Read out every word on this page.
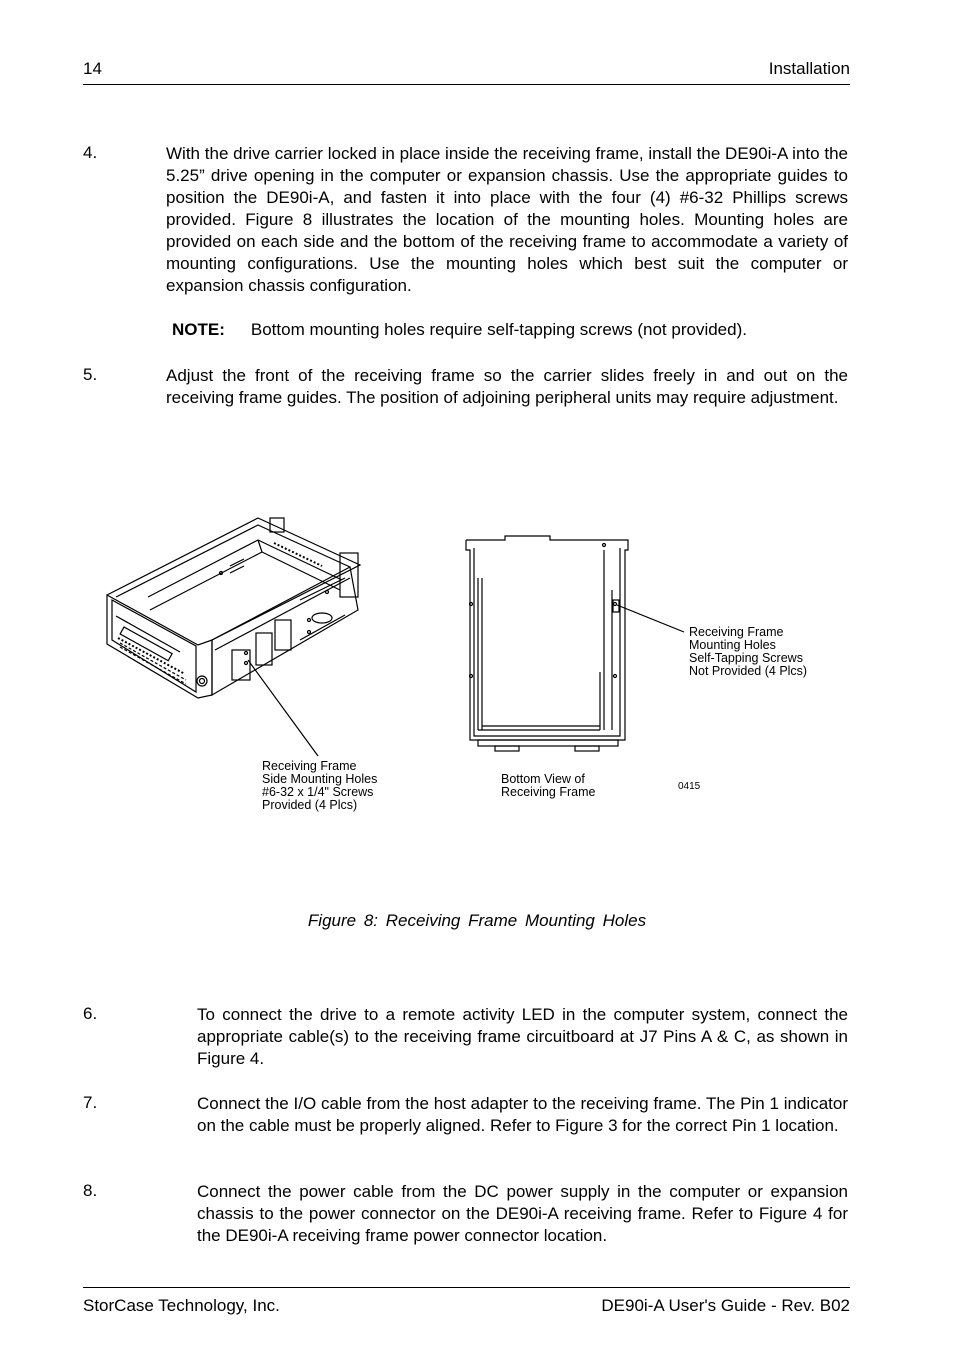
14	Installation
4.	With the drive carrier locked in place inside the receiving frame, install the DE90i-A into the 5.25” drive opening in the computer or expansion chassis. Use the appropriate guides to position the DE90i-A, and fasten it into place with the four (4) #6-32 Phillips screws provided. Figure 8 illustrates the location of the mounting holes. Mounting holes are provided on each side and the bottom of the receiving frame to accommodate a variety of mounting configurations. Use the mounting holes which best suit the computer or expansion chassis configuration.
NOTE: Bottom mounting holes require self-tapping screws (not provided).
5.	Adjust the front of the receiving frame so the carrier slides freely in and out on the receiving frame guides. The position of adjoining peripheral units may require adjustment.
Receiving Frame
Side Mounting Holes
#6-32 x 1/4" Screws
Provided (4 Plcs)
Bottom View of
Receiving Frame
Receiving Frame
Mounting Holes
Self-Tapping Screws
Not Provided (4 Plcs)
0415
Figure 8: Receiving Frame Mounting Holes
6.	To connect the drive to a remote activity LED in the computer system, connect the appropriate cable(s) to the receiving frame circuitboard at J7 Pins A & C, as shown in Figure 4.
7.	Connect the I/O cable from the host adapter to the receiving frame. The Pin 1 indicator on the cable must be properly aligned. Refer to Figure 3 for the correct Pin 1 location.
8.	Connect the power cable from the DC power supply in the computer or expansion chassis to the power connector on the DE90i-A receiving frame. Refer to Figure 4 for the DE90i-A receiving frame power connector location.
StorCase Technology, Inc.	DE90i-A User's Guide - Rev. B02
